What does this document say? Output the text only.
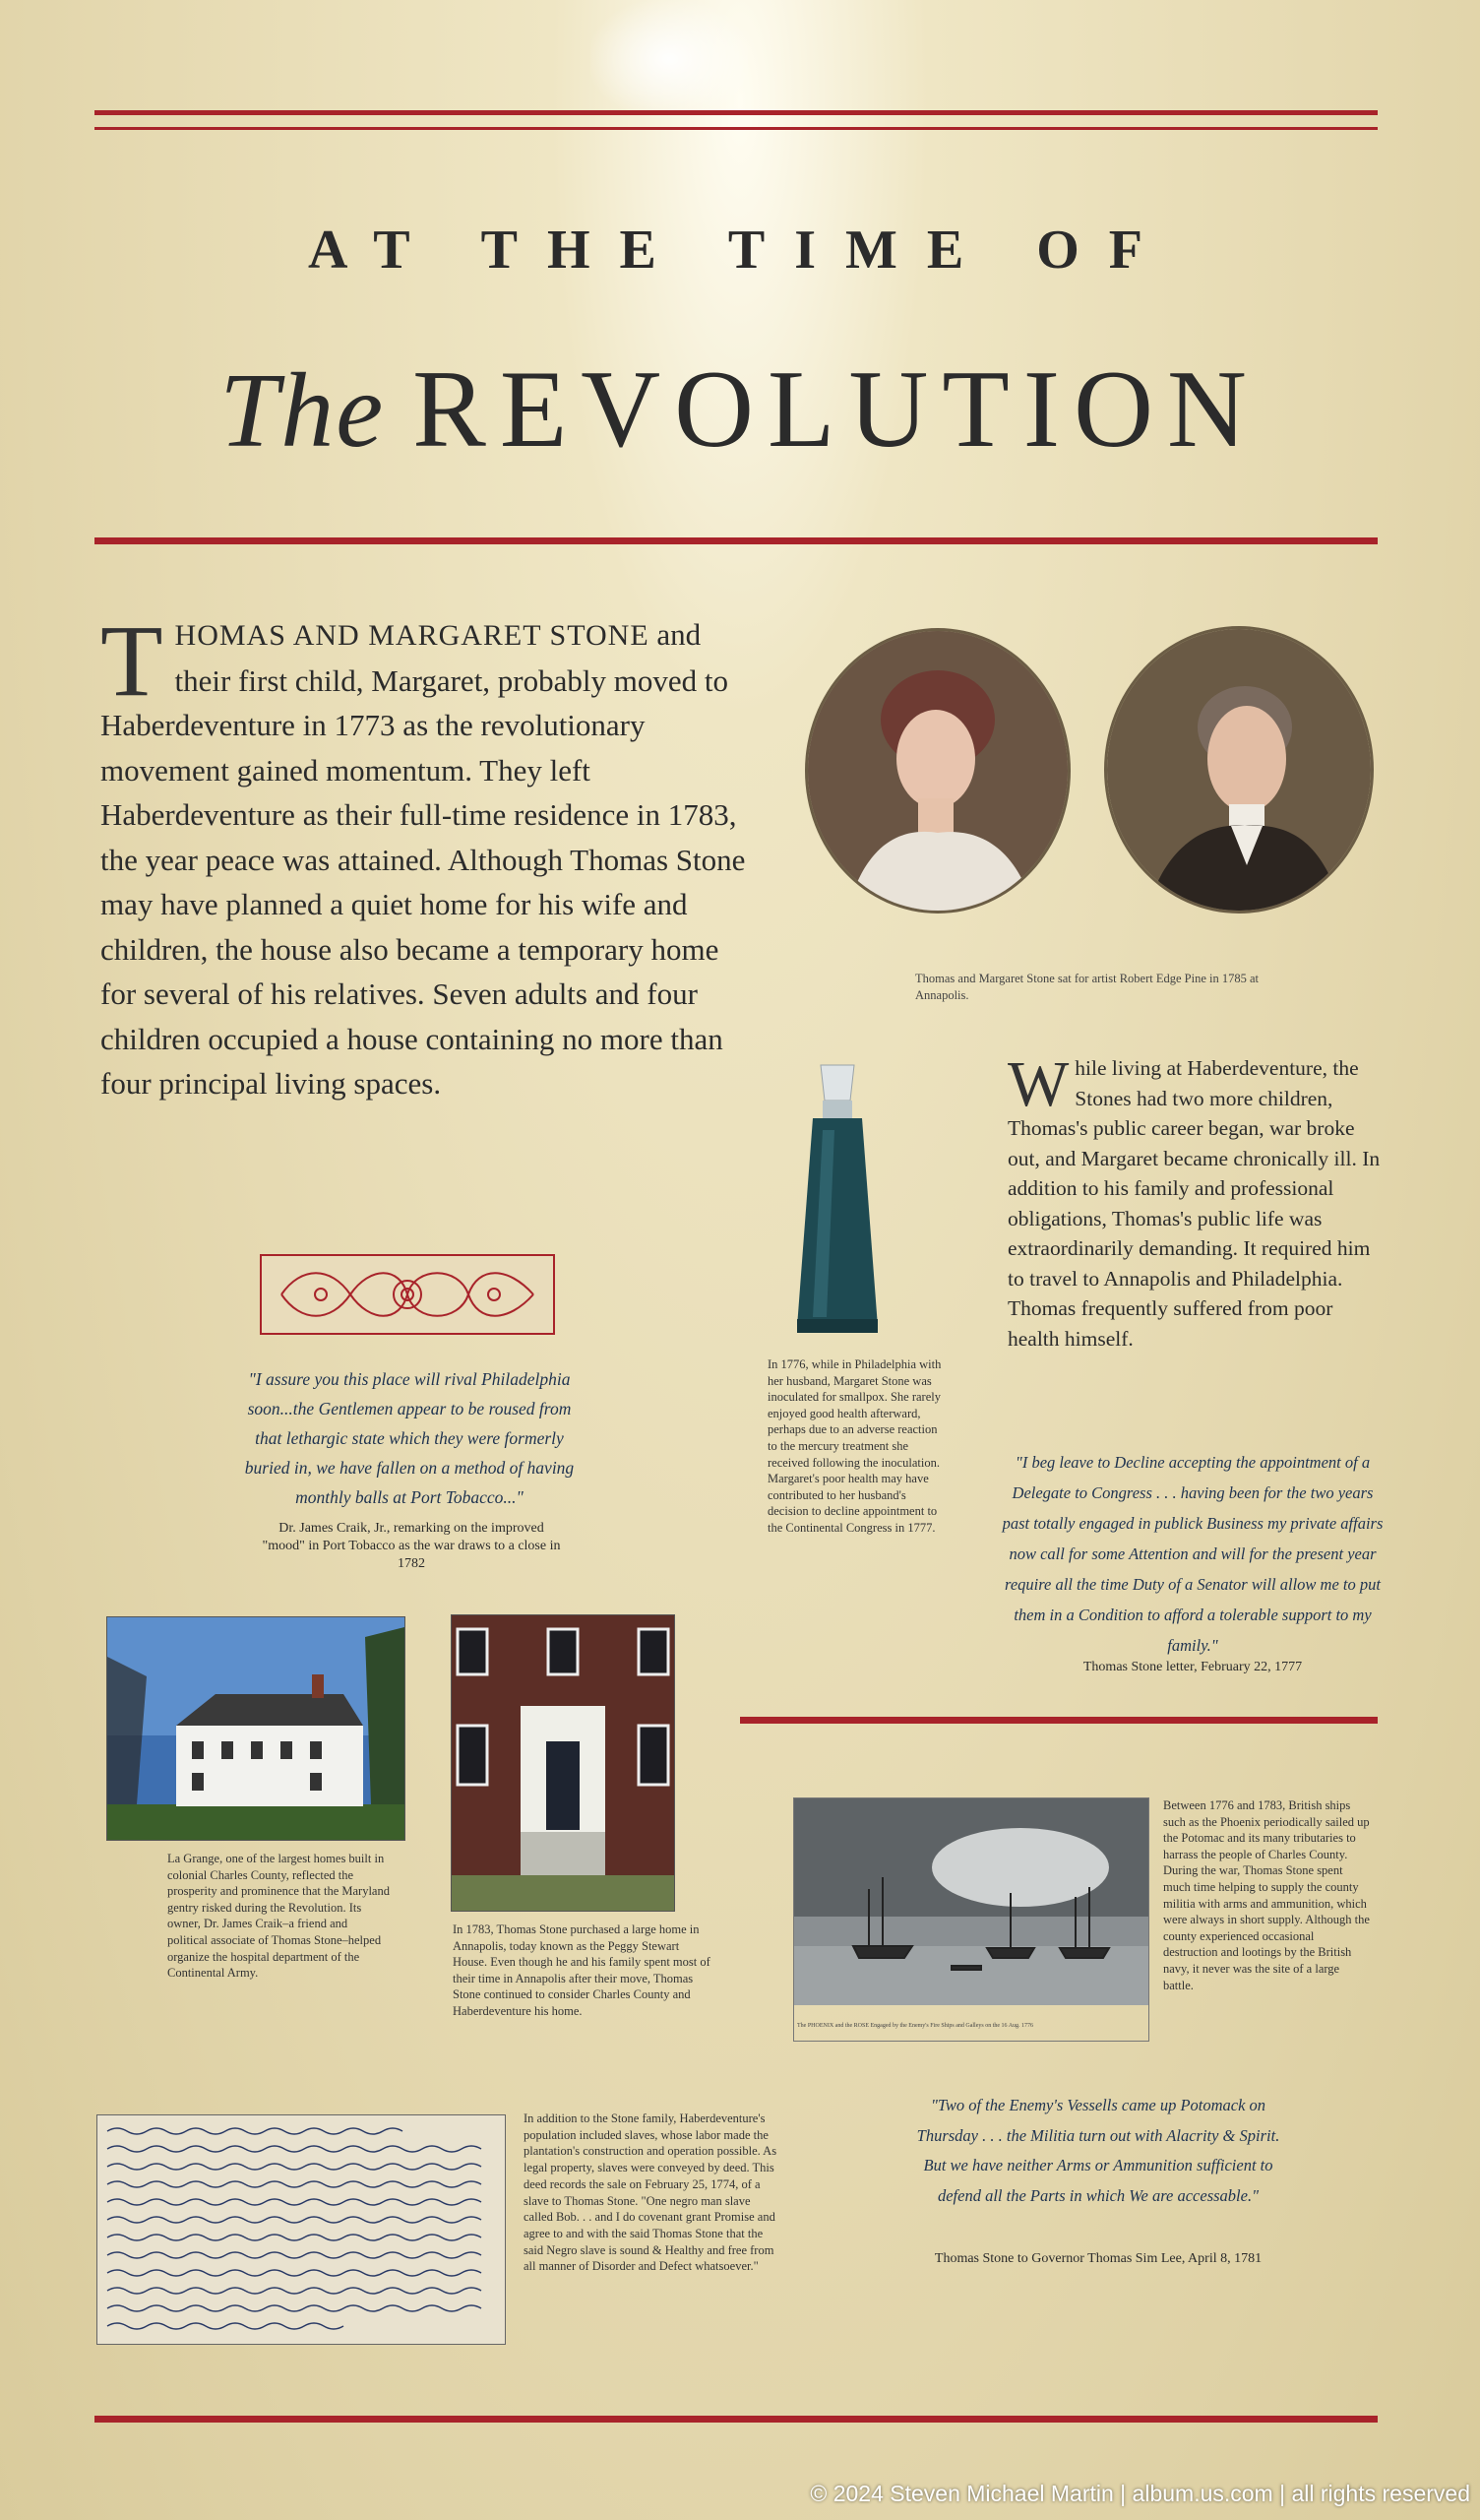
AT THE TIME OF
The REVOLUTION
THOMAS AND MARGARET STONE and their first child, Margaret, probably moved to Haberdeventure in 1773 as the revolutionary movement gained momentum. They left Haberdeventure as their full-time residence in 1783, the year peace was attained. Although Thomas Stone may have planned a quiet home for his wife and children, the house also became a temporary home for several of his relatives. Seven adults and four children occupied a house containing no more than four principal living spaces.
"I assure you this place will rival Philadelphia soon...the Gentlemen appear to be roused from that lethargic state which they were formerly buried in, we have fallen on a method of having monthly balls at Port Tobacco..."
Dr. James Craik, Jr., remarking on the improved "mood" in Port Tobacco as the war draws to a close in 1782
Thomas and Margaret Stone sat for artist Robert Edge Pine in 1785 at Annapolis.
In 1776, while in Philadelphia with her husband, Margaret Stone was inoculated for smallpox. She rarely enjoyed good health afterward, perhaps due to an adverse reaction to the mercury treatment she received following the inoculation. Margaret's poor health may have contributed to her husband's decision to decline appointment to the Continental Congress in 1777.
While living at Haberdeventure, the Stones had two more children, Thomas's public career began, war broke out, and Margaret became chronically ill. In addition to his family and professional obligations, Thomas's public life was extraordinarily demanding. It required him to travel to Annapolis and Philadelphia. Thomas frequently suffered from poor health himself.
"I beg leave to Decline accepting the appointment of a Delegate to Congress . . . having been for the two years past totally engaged in publick Business my private affairs now call for some Attention and will for the present year require all the time Duty of a Senator will allow me to put them in a Condition to afford a tolerable support to my family."
Thomas Stone letter, February 22, 1777
La Grange, one of the largest homes built in colonial Charles County, reflected the prosperity and prominence that the Maryland gentry risked during the Revolution. Its owner, Dr. James Craik–a friend and political associate of Thomas Stone–helped organize the hospital department of the Continental Army.
In 1783, Thomas Stone purchased a large home in Annapolis, today known as the Peggy Stewart House. Even though he and his family spent most of their time in Annapolis after their move, Thomas Stone continued to consider Charles County and Haberdeventure his home.
The PHOENIX and the ROSE Engaged by the Enemy's Fire Ships and Galleys on the 16 Aug. 1776
Between 1776 and 1783, British ships such as the Phoenix periodically sailed up the Potomac and its many tributaries to harrass the people of Charles County. During the war, Thomas Stone spent much time helping to supply the county militia with arms and ammunition, which were always in short supply. Although the county experienced occasional destruction and lootings by the British navy, it never was the site of a large battle.
"Two of the Enemy's Vessells came up Potomack on Thursday . . . the Militia turn out with Alacrity & Spirit. But we have neither Arms or Ammunition sufficient to defend all the Parts in which We are accessable."
Thomas Stone to Governor Thomas Sim Lee, April 8, 1781
In addition to the Stone family, Haberdeventure's population included slaves, whose labor made the plantation's construction and operation possible. As legal property, slaves were conveyed by deed. This deed records the sale on February 25, 1774, of a slave to Thomas Stone. "One negro man slave called Bob. . . and I do covenant grant Promise and agree to and with the said Thomas Stone that the said Negro slave is sound & Healthy and free from all manner of Disorder and Defect whatsoever."
© 2024 Steven Michael Martin | album.us.com | all rights reserved
